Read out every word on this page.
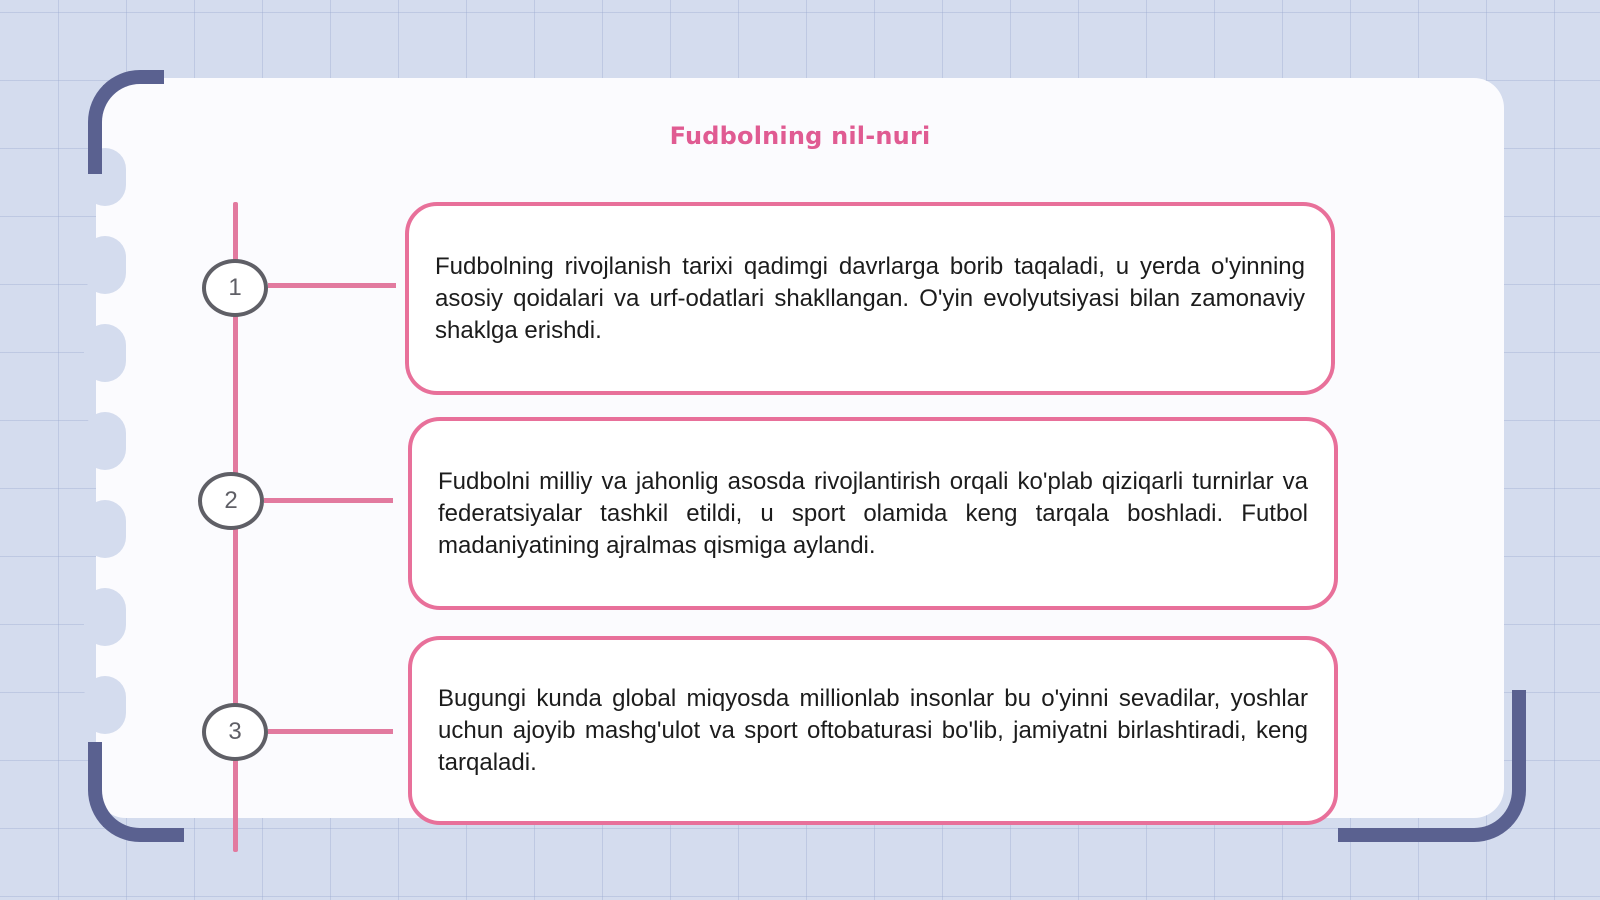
Fudbolning nil-nuri
1
2
3

Fudbolning rivojlanish tarixi qadimgi davrlarga borib taqaladi, u yerda o'yinning asosiy qoidalari va urf-odatlari shakllangan. O'yin evolyutsiyasi bilan zamonaviy shaklga erishdi.

Fudbolni milliy va jahonlig asosda rivojlantirish orqali ko'plab qiziqarli turnirlar va federatsiyalar tashkil etildi, u sport olamida keng tarqala boshladi. Futbol madaniyatining ajralmas qismiga aylandi.

Bugungi kunda global miqyosda millionlab insonlar bu o'yinni sevadilar, yoshlar uchun ajoyib mashg'ulot va sport oftobaturasi bo'lib, jamiyatni birlashtiradi, keng tarqaladi.
